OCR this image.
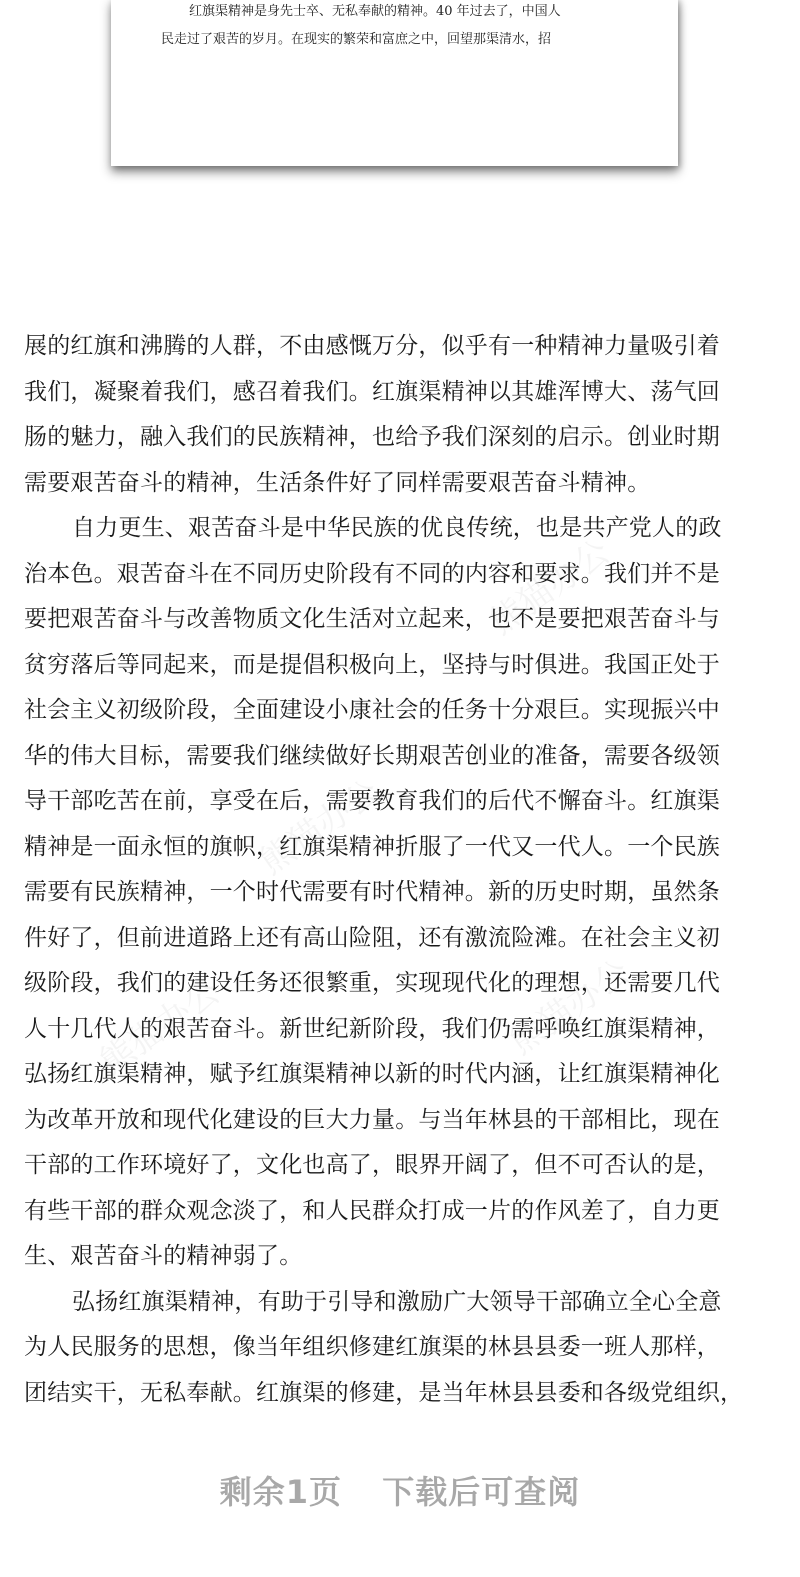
红旗渠精神是身先士卒、无私奉献的精神。40 年过去了，中国人
民走过了艰苦的岁月。在现实的繁荣和富庶之中，回望那渠清水，招
展的红旗和沸腾的人群，不由感慨万分，似乎有一种精神力量吸引着
我们，凝聚着我们，感召着我们。红旗渠精神以其雄浑博大、荡气回
肠的魅力，融入我们的民族精神，也给予我们深刻的启示。创业时期
需要艰苦奋斗的精神，生活条件好了同样需要艰苦奋斗精神。
自力更生、艰苦奋斗是中华民族的优良传统，也是共产党人的政
治本色。艰苦奋斗在不同历史阶段有不同的内容和要求。我们并不是
要把艰苦奋斗与改善物质文化生活对立起来，也不是要把艰苦奋斗与
贫穷落后等同起来，而是提倡积极向上，坚持与时俱进。我国正处于
社会主义初级阶段，全面建设小康社会的任务十分艰巨。实现振兴中
华的伟大目标，需要我们继续做好长期艰苦创业的准备，需要各级领
导干部吃苦在前，享受在后，需要教育我们的后代不懈奋斗。红旗渠
精神是一面永恒的旗帜，红旗渠精神折服了一代又一代人。一个民族
需要有民族精神，一个时代需要有时代精神。新的历史时期，虽然条
件好了，但前进道路上还有高山险阻，还有激流险滩。在社会主义初
级阶段，我们的建设任务还很繁重，实现现代化的理想，还需要几代
人十几代人的艰苦奋斗。新世纪新阶段，我们仍需呼唤红旗渠精神，
弘扬红旗渠精神，赋予红旗渠精神以新的时代内涵，让红旗渠精神化
为改革开放和现代化建设的巨大力量。与当年林县的干部相比，现在
干部的工作环境好了，文化也高了，眼界开阔了，但不可否认的是，
有些干部的群众观念淡了，和人民群众打成一片的作风差了，自力更
生、艰苦奋斗的精神弱了。
弘扬红旗渠精神，有助于引导和激励广大领导干部确立全心全意
为人民服务的思想，像当年组织修建红旗渠的林县县委一班人那样，
团结实干，无私奉献。红旗渠的修建，是当年林县县委和各级党组织，
剩余1页 下载后可查阅
